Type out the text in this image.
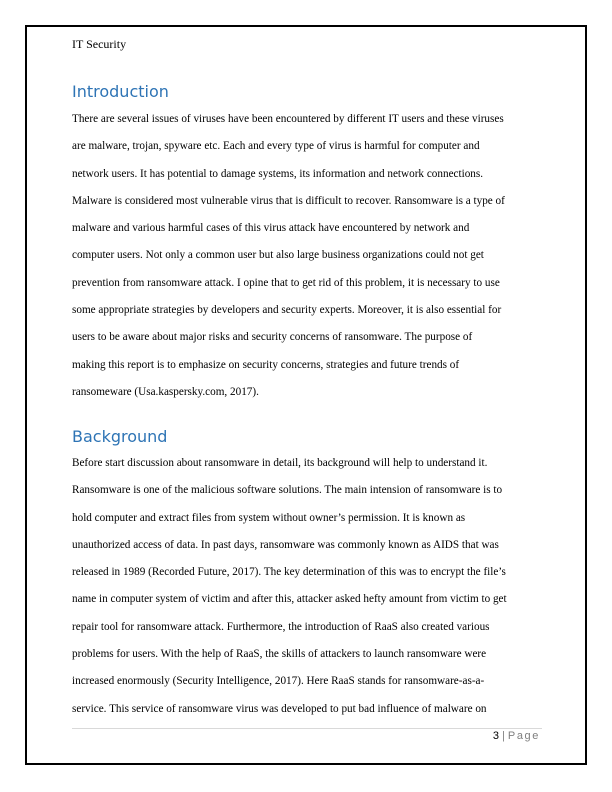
IT Security
Introduction
There are several issues of viruses have been encountered by different IT users and these viruses
are malware, trojan, spyware etc. Each and every type of virus is harmful for computer and
network users. It has potential to damage systems, its information and network connections.
Malware is considered most vulnerable virus that is difficult to recover. Ransomware is a type of
malware and various harmful cases of this virus attack have encountered by network and
computer users. Not only a common user but also large business organizations could not get
prevention from ransomware attack. I opine that to get rid of this problem, it is necessary to use
some appropriate strategies by developers and security experts. Moreover, it is also essential for
users to be aware about major risks and security concerns of ransomware. The purpose of
making this report is to emphasize on security concerns, strategies and future trends of
ransomeware (Usa.kaspersky.com, 2017).
Background
Before start discussion about ransomware in detail, its background will help to understand it.
Ransomware is one of the malicious software solutions. The main intension of ransomware is to
hold computer and extract files from system without owner’s permission. It is known as
unauthorized access of data. In past days, ransomware was commonly known as AIDS that was
released in 1989 (Recorded Future, 2017). The key determination of this was to encrypt the file’s
name in computer system of victim and after this, attacker asked hefty amount from victim to get
repair tool for ransomware attack. Furthermore, the introduction of RaaS also created various
problems for users. With the help of RaaS, the skills of attackers to launch ransomware were
increased enormously (Security Intelligence, 2017). Here RaaS stands for ransomware-as-a-
service. This service of ransomware virus was developed to put bad influence of malware on
3 | Page
